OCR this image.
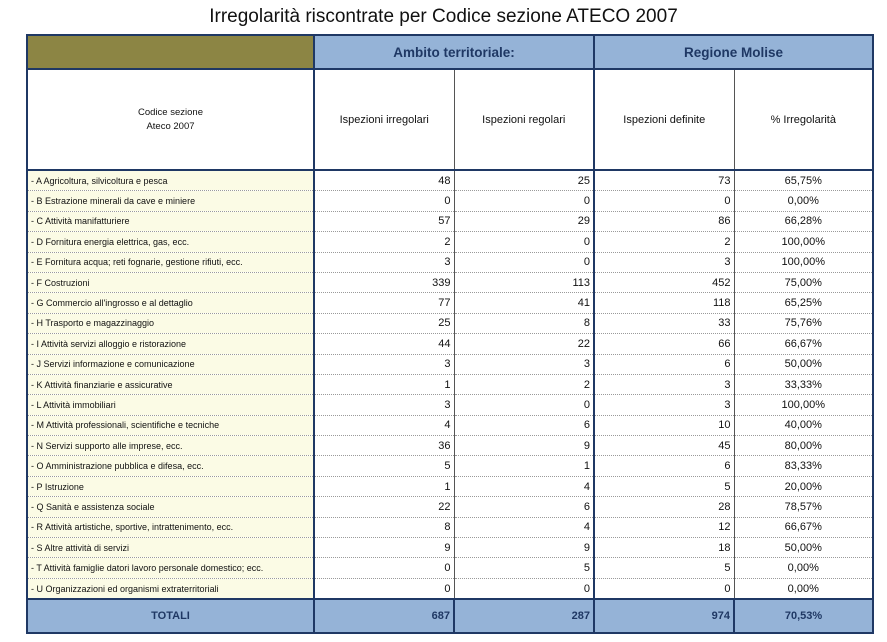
Irregolarità riscontrate per Codice sezione ATECO 2007
	Ambito territoriale:		Regione Molise	

Codice sezione
Ateco 2007	Ispezioni irregolari	Ispezioni regolari	Ispezioni definite	% Irregolarità
- A Agricoltura, silvicoltura e pesca	48	25	73	65,75%
- B Estrazione minerali da cave e miniere	0	0	0	0,00%
- C Attività manifatturiere	57	29	86	66,28%
- D Fornitura energia elettrica, gas, ecc.	2	0	2	100,00%
- E Fornitura acqua; reti fognarie, gestione rifiuti, ecc.	3	0	3	100,00%
- F Costruzioni	339	113	452	75,00%
- G Commercio all'ingrosso e al dettaglio	77	41	118	65,25%
- H Trasporto e magazzinaggio	25	8	33	75,76%
- I Attività servizi alloggio e ristorazione	44	22	66	66,67%
- J Servizi informazione e comunicazione	3	3	6	50,00%
- K Attività finanziarie e assicurative	1	2	3	33,33%
- L Attività immobiliari	3	0	3	100,00%
- M Attività professionali, scientifiche e tecniche	4	6	10	40,00%
- N Servizi supporto alle imprese, ecc.	36	9	45	80,00%
- O Amministrazione pubblica e difesa, ecc.	5	1	6	83,33%
- P Istruzione	1	4	5	20,00%
- Q Sanità e assistenza sociale	22	6	28	78,57%
- R Attività artistiche, sportive, intrattenimento, ecc.	8	4	12	66,67%
- S Altre attività di servizi	9	9	18	50,00%
- T Attività famiglie datori lavoro personale domestico; ecc.	0	5	5	0,00%
- U Organizzazioni ed organismi extraterritoriali	0	0	0	0,00%
TOTALI	687	287	974	70,53%
